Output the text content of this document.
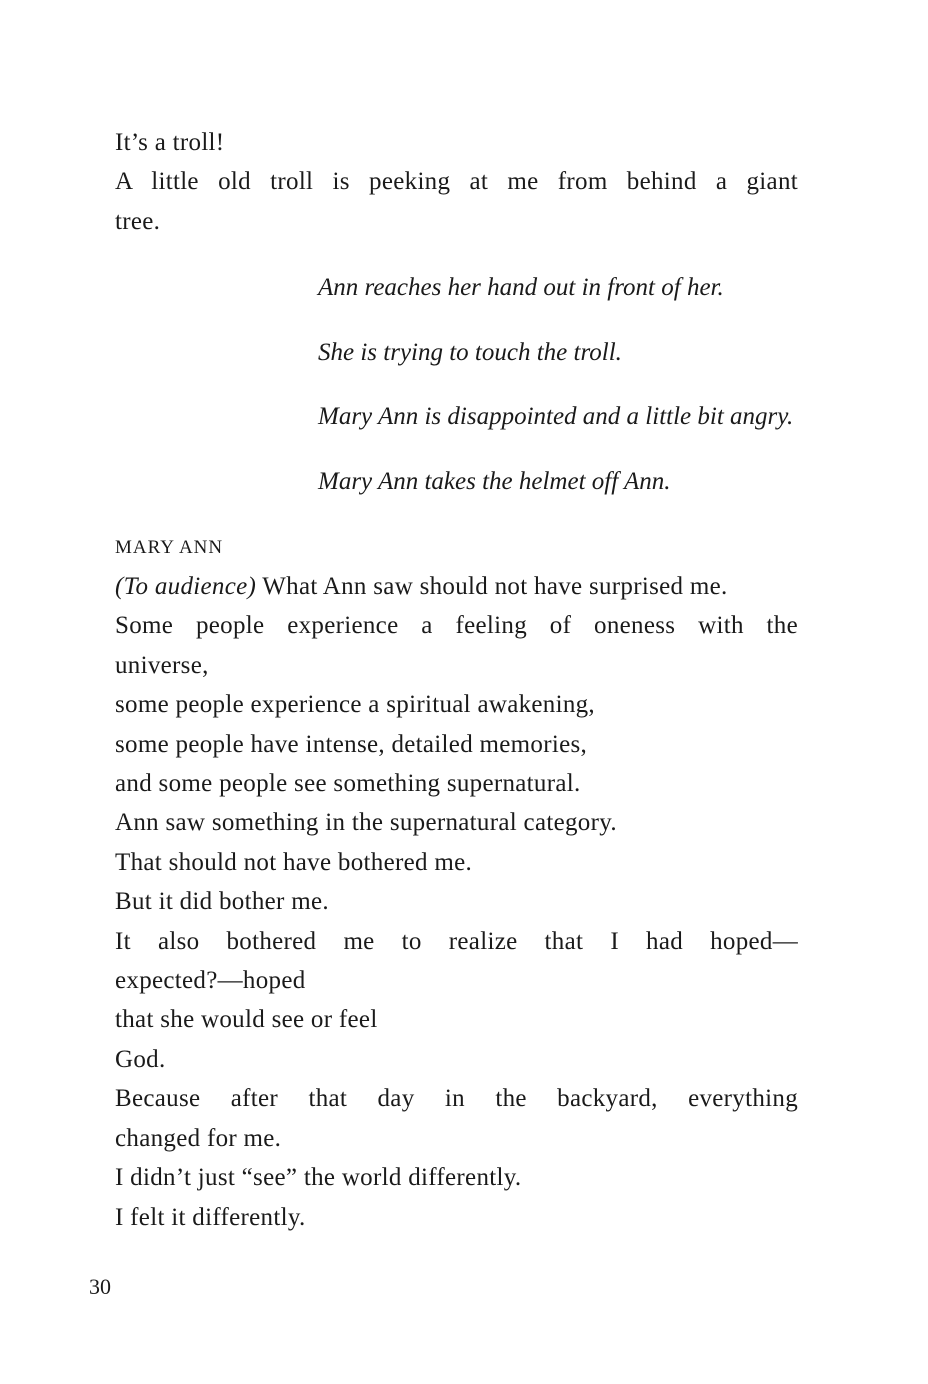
It’s a troll!
A little old troll is peeking at me from behind a giant
tree.
Ann reaches her hand out in front of her.
She is trying to touch the troll.
Mary Ann is disappointed and a little bit angry.
Mary Ann takes the helmet off Ann.
MARY ANN
(To audience) What Ann saw should not have surprised me.
Some people experience a feeling of oneness with the
universe,
some people experience a spiritual awakening,
some people have intense, detailed memories,
and some people see something supernatural.
Ann saw something in the supernatural category.
That should not have bothered me.
But it did bother me.
It also bothered me to realize that I had hoped—
expected?—hoped
that she would see or feel
God.
Because after that day in the backyard, everything
changed for me.
I didn’t just “see” the world differently.
I felt it differently.
30
